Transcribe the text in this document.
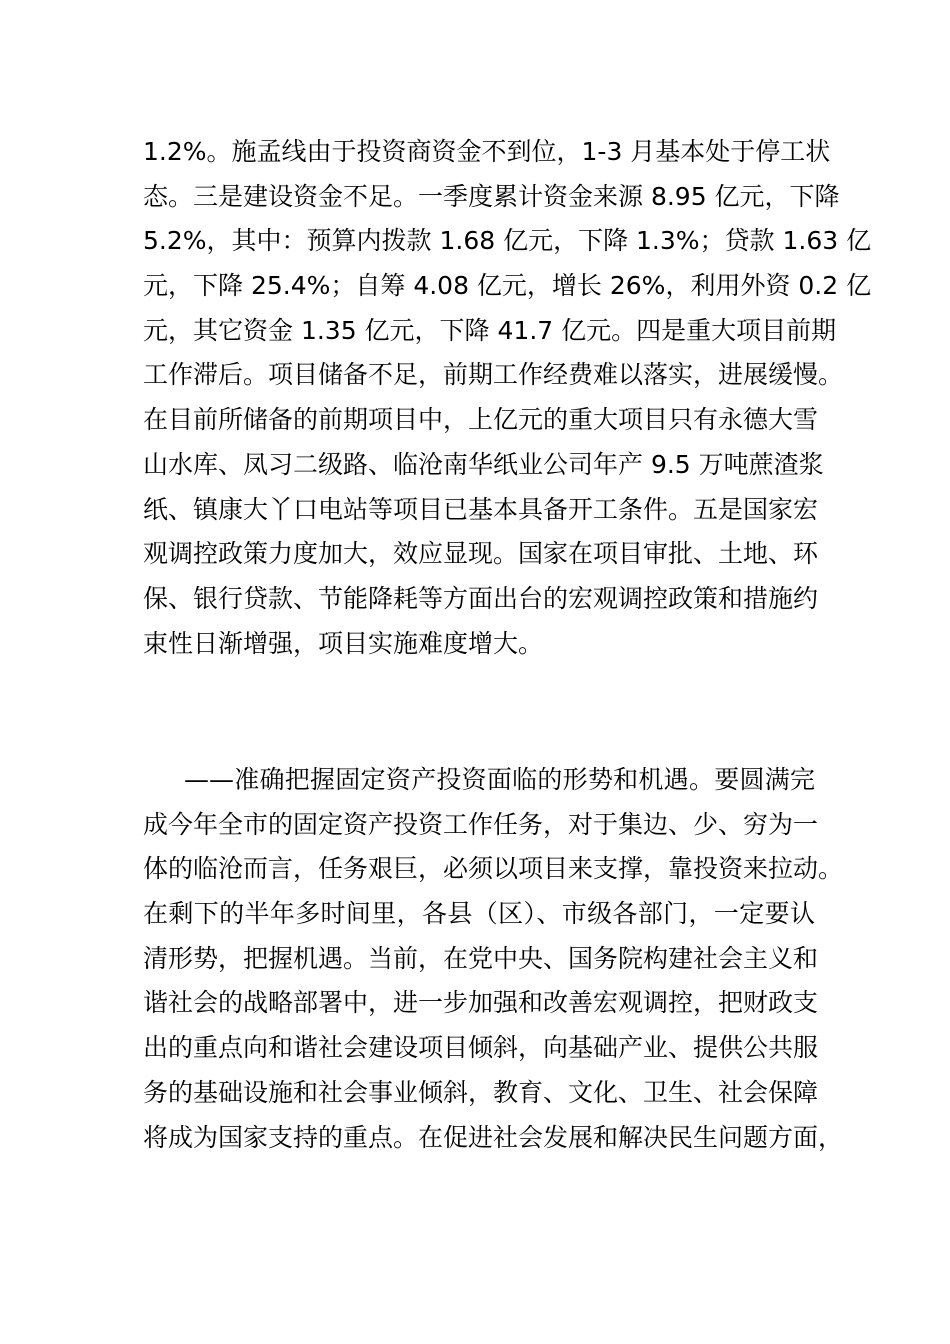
1.2%。施孟线由于投资商资金不到位，1-3 月基本处于停工状
态。三是建设资金不足。一季度累计资金来源 8.95 亿元，下降
5.2%，其中：预算内拨款 1.68 亿元，下降 1.3%；贷款 1.63 亿
元，下降 25.4%；自筹 4.08 亿元，增长 26%，利用外资 0.2 亿
元，其它资金 1.35 亿元，下降 41.7 亿元。四是重大项目前期
工作滞后。项目储备不足，前期工作经费难以落实，进展缓慢。
在目前所储备的前期项目中，上亿元的重大项目只有永德大雪
山水库、凤习二级路、临沧南华纸业公司年产 9.5 万吨蔗渣浆
纸、镇康大丫口电站等项目已基本具备开工条件。五是国家宏
观调控政策力度加大，效应显现。国家在项目审批、土地、环
保、银行贷款、节能降耗等方面出台的宏观调控政策和措施约
束性日渐增强，项目实施难度增大。
——准确把握固定资产投资面临的形势和机遇。要圆满完
成今年全市的固定资产投资工作任务，对于集边、少、穷为一
体的临沧而言，任务艰巨，必须以项目来支撑，靠投资来拉动。
在剩下的半年多时间里，各县（区）、市级各部门，一定要认
清形势，把握机遇。当前，在党中央、国务院构建社会主义和
谐社会的战略部署中，进一步加强和改善宏观调控，把财政支
出的重点向和谐社会建设项目倾斜，向基础产业、提供公共服
务的基础设施和社会事业倾斜，教育、文化、卫生、社会保障
将成为国家支持的重点。在促进社会发展和解决民生问题方面，
